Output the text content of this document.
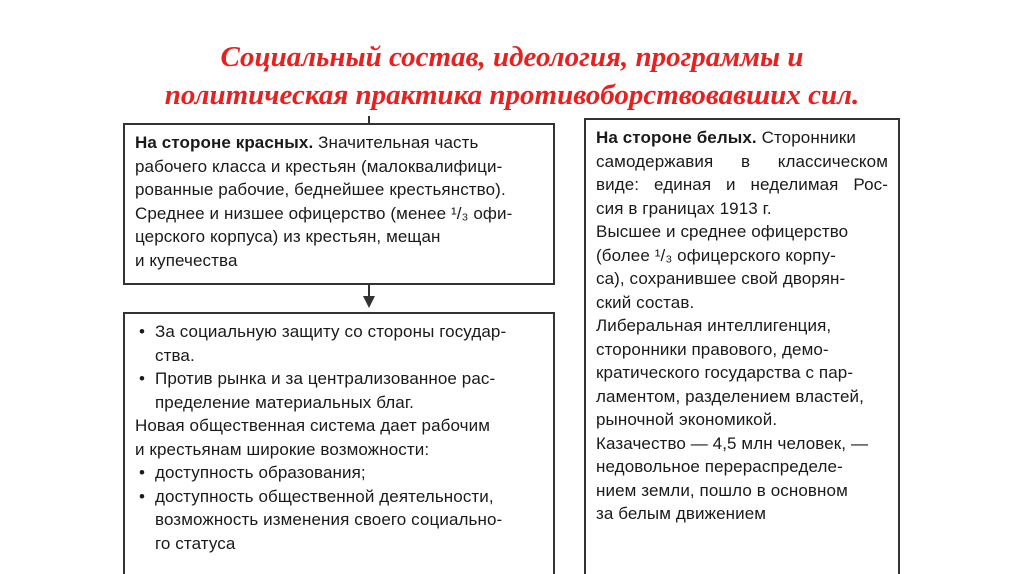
Социальный состав, идеология, программы и
политическая практика противоборствовавших сил.
На стороне красных. Значительная часть
рабочего класса и крестьян (малоквалифици-
рованные рабочие, беднейшее крестьянство).
Среднее и низшее офицерство (менее ¹/₃ офи-
церского корпуса) из крестьян, мещан
и купечества
• За социальную защиту со стороны государ-
ства.
• Против рынка и за централизованное рас-
пределение материальных благ.
Новая общественная система дает рабочим
и крестьянам широкие возможности:
• доступность образования;
• доступность общественной деятельности,
возможность изменения своего социально-
го статуса
На стороне белых. Сторонники
самодержавия в классическом
виде: единая и неделимая Рос-
сия в границах 1913 г.
Высшее и среднее офицерство
(более ¹/₃ офицерского корпу-
са), сохранившее свой дворян-
ский состав.
Либеральная интеллигенция,
сторонники правового, демо-
кратического государства с пар-
ламентом, разделением властей,
рыночной экономикой.
Казачество — 4,5 млн человек, —
недовольное перераспределе-
нием земли, пошло в основном
за белым движением
